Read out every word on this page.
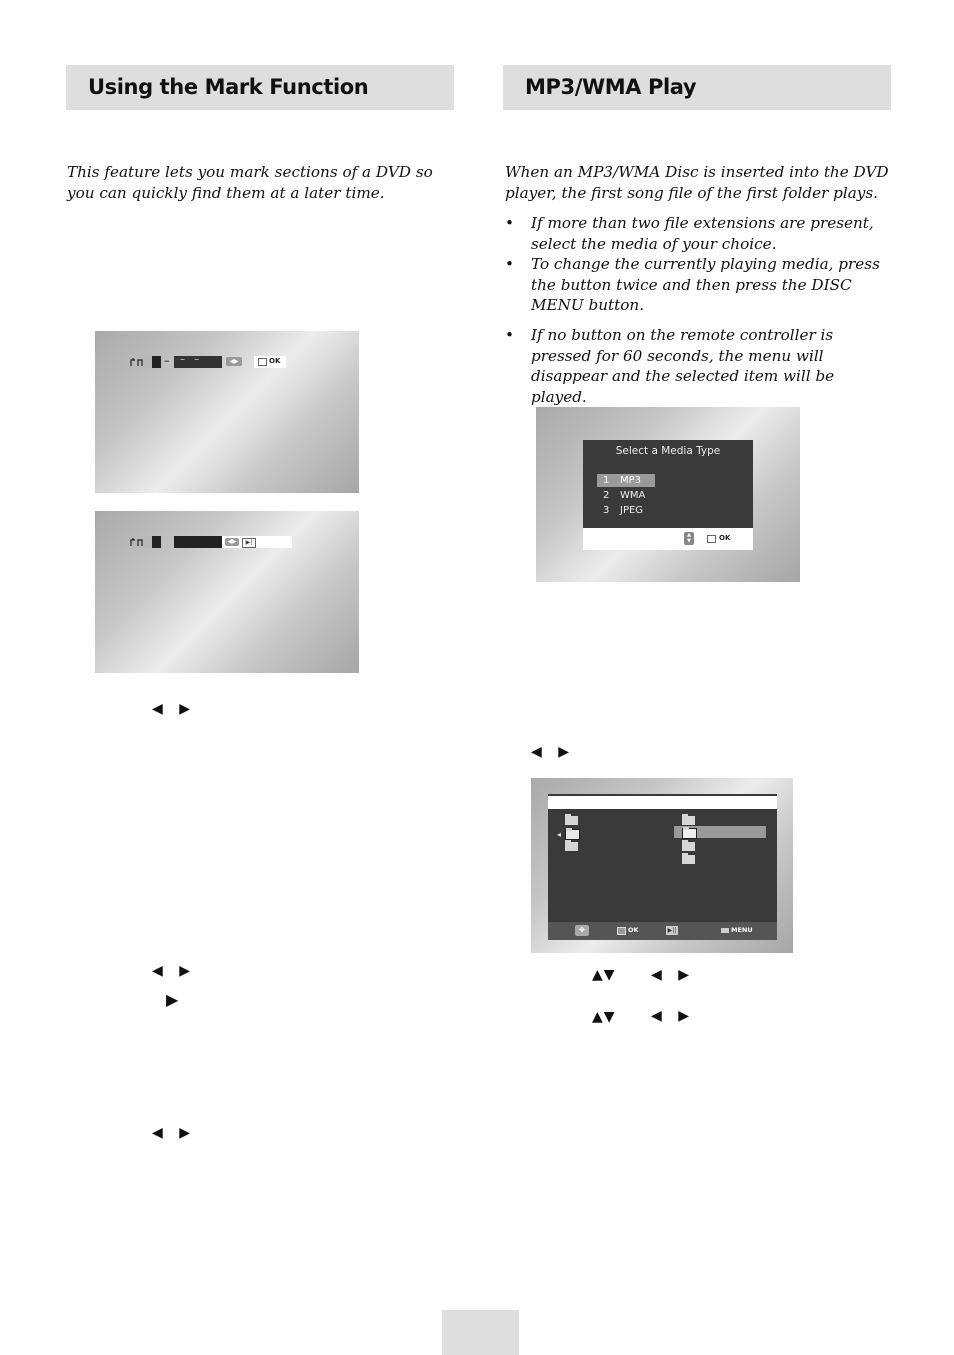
Using the Mark Function
This feature lets you mark sections of a DVD so you can quickly find them at a later time.
– – –	◀▶	OK
◀▶	▶|
◀ ▶
◀ ▶
▶
◀ ▶
MP3/WMA Play
When an MP3/WMA Disc is inserted into the DVD player, the first song file of the first folder plays.
• If more than two file extensions are present, select the media of your choice.
• To change the currently playing media, press the button twice and then press the DISC MENU button.
• If no button on the remote controller is pressed for 60 seconds, the menu will disappear and the selected item will be played.
Select a Media Type
1 MP3
2 WMA
3 JPEG
▲
▼	OK
◀ ▶
◂
✥	OK	▶||	MENU
▲▼	◀ ▶
▲▼	◀ ▶
